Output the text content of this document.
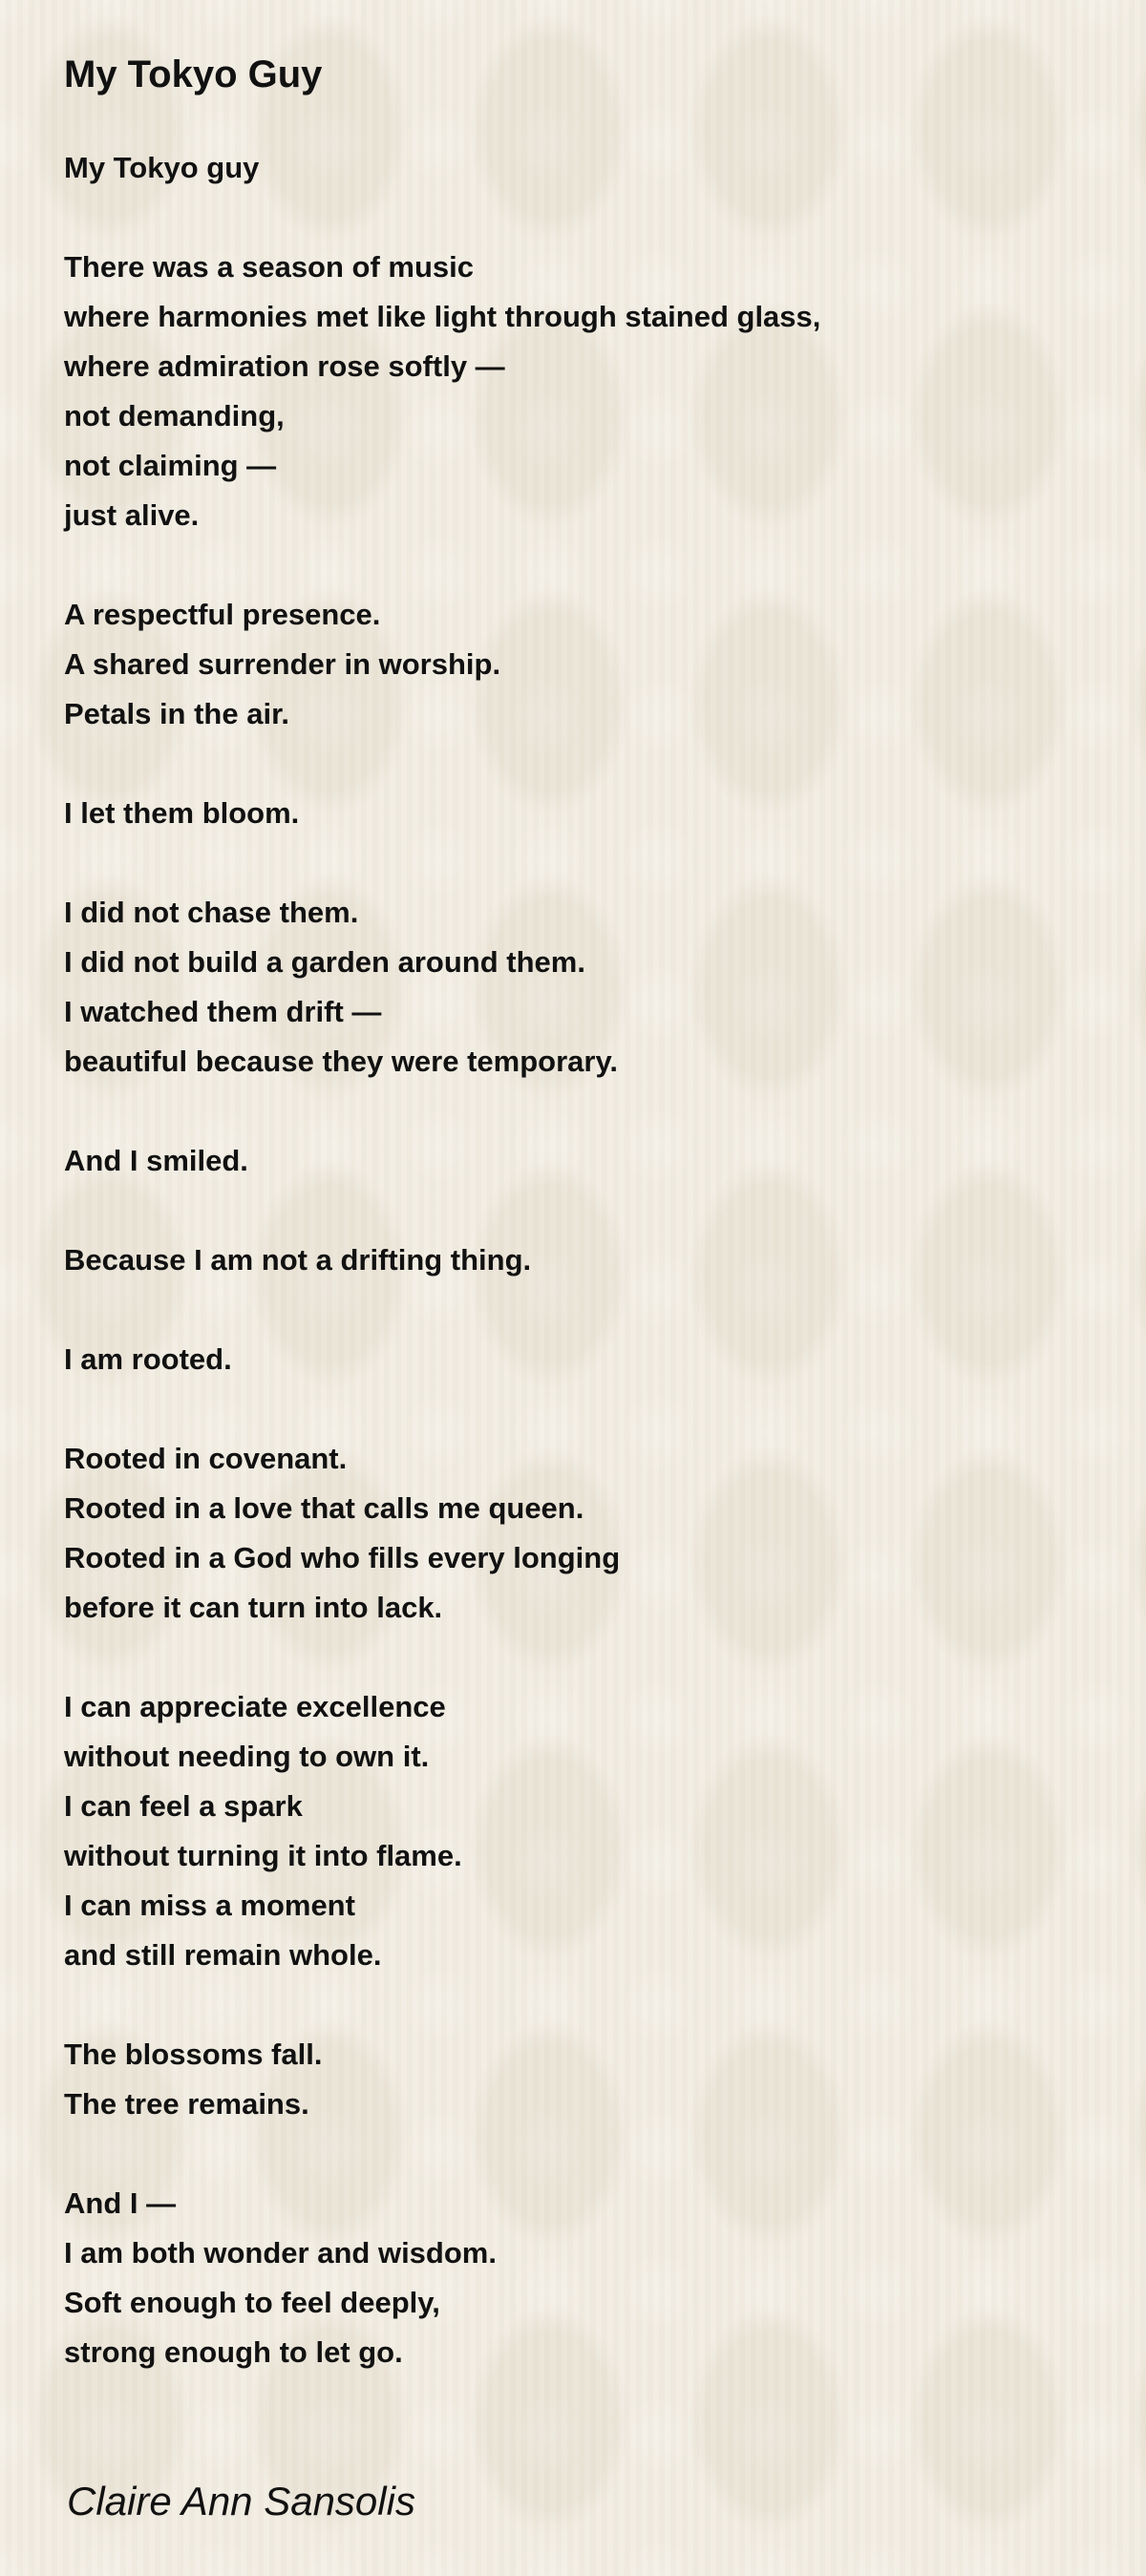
My Tokyo Guy
My Tokyo guy
There was a season of music
where harmonies met like light through stained glass,
where admiration rose softly —
not demanding,
not claiming —
just alive.
A respectful presence.
A shared surrender in worship.
Petals in the air.
I let them bloom.
I did not chase them.
I did not build a garden around them.
I watched them drift —
beautiful because they were temporary.
And I smiled.
Because I am not a drifting thing.
I am rooted.
Rooted in covenant.
Rooted in a love that calls me queen.
Rooted in a God who fills every longing
before it can turn into lack.
I can appreciate excellence
without needing to own it.
I can feel a spark
without turning it into flame.
I can miss a moment
and still remain whole.
The blossoms fall.
The tree remains.
And I —
I am both wonder and wisdom.
Soft enough to feel deeply,
strong enough to let go.
Claire Ann Sansolis
